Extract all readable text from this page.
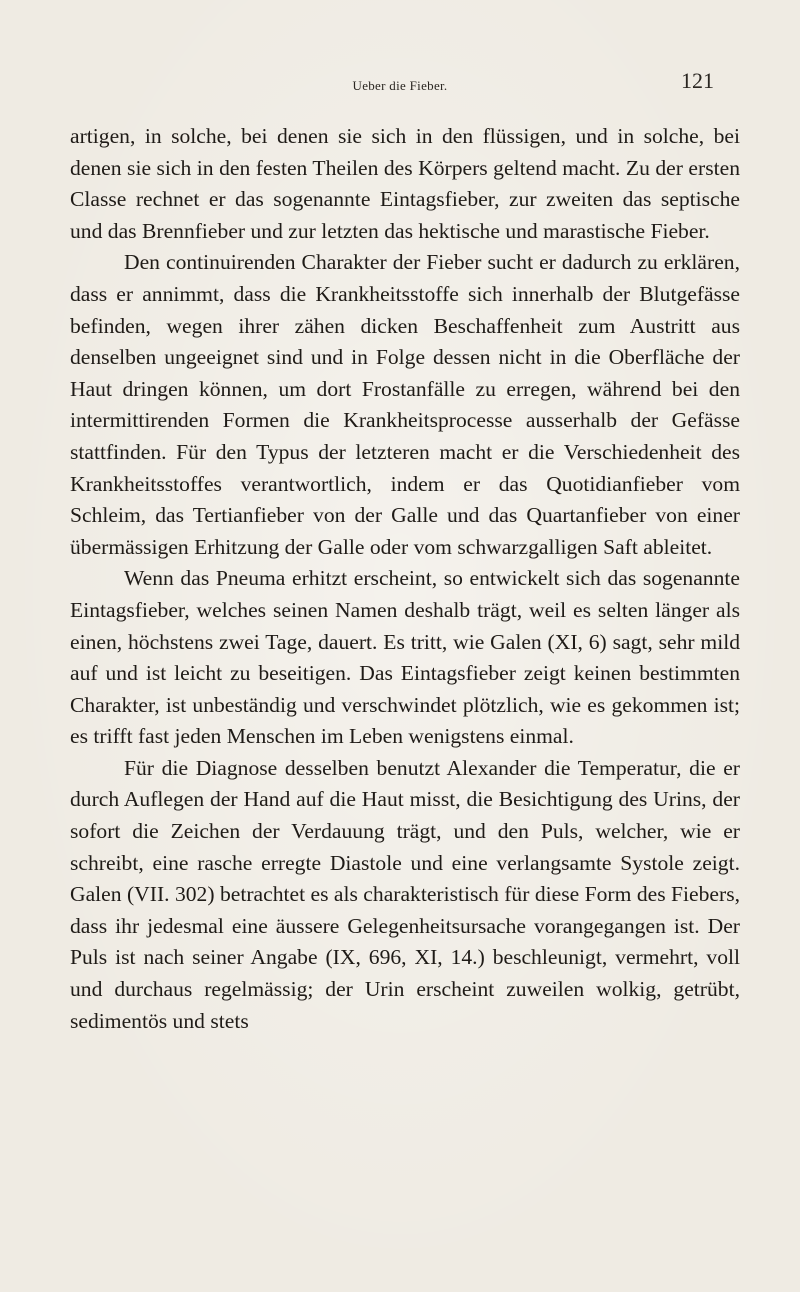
Ueber die Fieber.	121

artigen, in solche, bei denen sie sich in den flüssigen, und in solche, bei denen sie sich in den festen Theilen des Körpers geltend macht. Zu der ersten Classe rechnet er das sogenannte Eintagsfieber, zur zweiten das septische und das Brennfieber und zur letzten das hektische und marastische Fieber.

Den continuirenden Charakter der Fieber sucht er dadurch zu erklären, dass er annimmt, dass die Krankheitsstoffe sich innerhalb der Blutgefässe befinden, wegen ihrer zähen dicken Beschaffenheit zum Austritt aus denselben ungeeignet sind und in Folge dessen nicht in die Oberfläche der Haut dringen können, um dort Frostanfälle zu erregen, während bei den intermittirenden Formen die Krankheitsprocesse ausserhalb der Gefässe stattfinden. Für den Typus der letzteren macht er die Verschiedenheit des Krankheitsstoffes verantwortlich, indem er das Quotidianfieber vom Schleim, das Tertianfieber von der Galle und das Quartanfieber von einer übermässigen Erhitzung der Galle oder vom schwarzgalligen Saft ableitet.

Wenn das Pneuma erhitzt erscheint, so entwickelt sich das sogenannte Eintagsfieber, welches seinen Namen deshalb trägt, weil es selten länger als einen, höchstens zwei Tage, dauert. Es tritt, wie Galen (XI, 6) sagt, sehr mild auf und ist leicht zu beseitigen. Das Eintagsfieber zeigt keinen bestimmten Charakter, ist unbeständig und verschwindet plötzlich, wie es gekommen ist; es trifft fast jeden Menschen im Leben wenigstens einmal.

Für die Diagnose desselben benutzt Alexander die Temperatur, die er durch Auflegen der Hand auf die Haut misst, die Besichtigung des Urins, der sofort die Zeichen der Verdauung trägt, und den Puls, welcher, wie er schreibt, eine rasche erregte Diastole und eine verlangsamte Systole zeigt. Galen (VII. 302) betrachtet es als charakteristisch für diese Form des Fiebers, dass ihr jedesmal eine äussere Gelegenheitsursache vorangegangen ist. Der Puls ist nach seiner Angabe (IX, 696, XI, 14.) beschleunigt, vermehrt, voll und durchaus regelmässig; der Urin erscheint zuweilen wolkig, getrübt, sedimentös und stets
